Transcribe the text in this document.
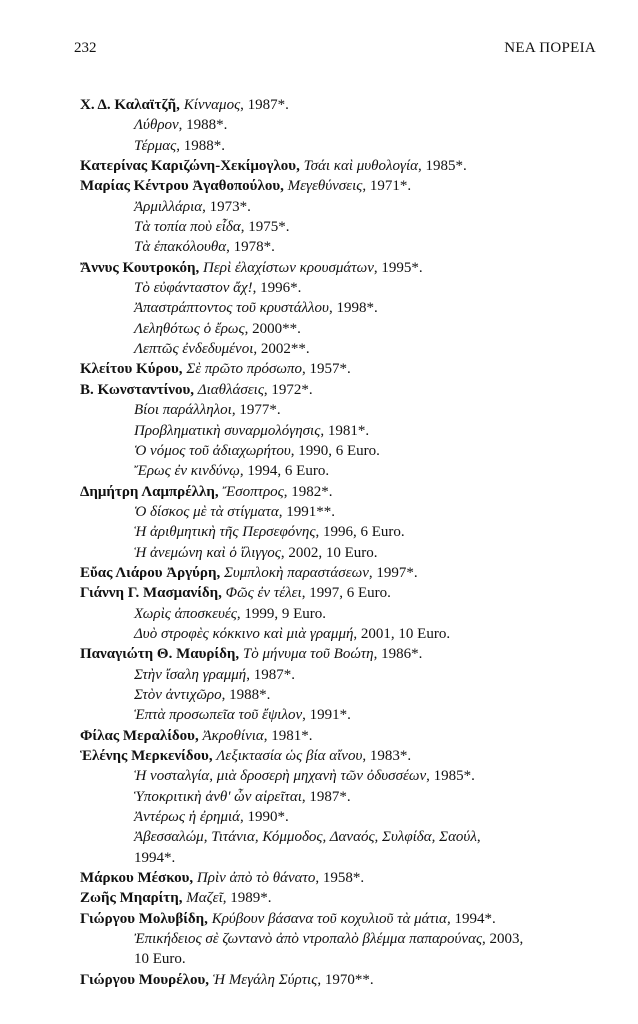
232	ΝΕΑ ΠΟΡΕΙΑ
Χ. Δ. Καλαϊτζῆ, Κίνναμος, 1987*.
Λύθρον, 1988*.
Τέρμας, 1988*.
Κατερίνας Καριζώνη-Χεκίμογλου, Τσάι καὶ μυθολογία, 1985*.
Μαρίας Κέντρου Ἀγαθοπούλου, Μεγεθύνσεις, 1971*.
Ἀρμιλλάρια, 1973*.
Τὰ τοπία ποὺ εἶδα, 1975*.
Τὰ ἐπακόλουθα, 1978*.
Ἄννυς Κουτροκόη, Περὶ ἐλαχίστων κρουσμάτων, 1995*.
Τὸ εὐφάνταστον ἄχ!, 1996*.
Ἀπαστράπτοντος τοῦ κρυστάλλου, 1998*.
Λεληθότως ὁ ἔρως, 2000**.
Λεπτῶς ἐνδεδυμένοι, 2002**.
Κλείτου Κύρου, Σὲ πρῶτο πρόσωπο, 1957*.
Β. Κωνσταντίνου, Διαθλάσεις, 1972*.
Βίοι παράλληλοι, 1977*.
Προβληματικὴ συναρμολόγησις, 1981*.
Ὁ νόμος τοῦ ἀδιαχωρήτου, 1990, 6 Euro.
Ἔρως ἐν κινδύνῳ, 1994, 6 Euro.
Δημήτρη Λαμπρέλλη, Ἔσοπτρος, 1982*.
Ὁ δίσκος μὲ τὰ στίγματα, 1991**.
Ἡ ἀριθμητικὴ τῆς Περσεφόνης, 1996, 6 Euro.
Ἡ ἀνεμώνη καὶ ὁ ἴλιγγος, 2002, 10 Euro.
Εὔας Λιάρου Ἀργύρη, Συμπλοκὴ παραστάσεων, 1997*.
Γιάννη Γ. Μασμανίδη, Φῶς ἐν τέλει, 1997, 6 Euro.
Χωρὶς ἀποσκευές, 1999, 9 Euro.
Δυὸ στροφὲς κόκκινο καὶ μιὰ γραμμή, 2001, 10 Euro.
Παναγιώτη Θ. Μαυρίδη, Τὸ μήνυμα τοῦ Βοώτη, 1986*.
Στὴν ἴσαλη γραμμή, 1987*.
Στὸν ἀντιχῶρο, 1988*.
Ἑπτὰ προσωπεῖα τοῦ ἔψιλον, 1991*.
Φίλας Μεραλίδου, Ἀκροθίνια, 1981*.
Ἑλένης Μερκενίδου, Λεξικτασία ὡς βία αἴνου, 1983*.
Ἡ νοσταλγία, μιὰ δροσερὴ μηχανὴ τῶν ὀδυσσέων, 1985*.
Ὑποκριτικὴ ἀνθ' ὧν αἱρεῖται, 1987*.
Ἀντέρως ἡ ἐρημιά, 1990*.
Ἀβεσσαλώμ, Τιτάνια, Κόμμοδος, Δαναός, Συλφίδα, Σαούλ,
1994*.
Μάρκου Μέσκου, Πρὶν ἀπὸ τὸ θάνατο, 1958*.
Ζωῆς Μηαρίτη, Μαζεῖ, 1989*.
Γιώργου Μολυβίδη, Κρύβουν βάσανα τοῦ κοχυλιοῦ τὰ μάτια, 1994*.
Ἐπικήδειος σὲ ζωντανὸ ἀπὸ ντροπαλὸ βλέμμα παπαρούνας, 2003,
10 Euro.
Γιώργου Μουρέλου, Ἡ Μεγάλη Σύρτις, 1970**.
